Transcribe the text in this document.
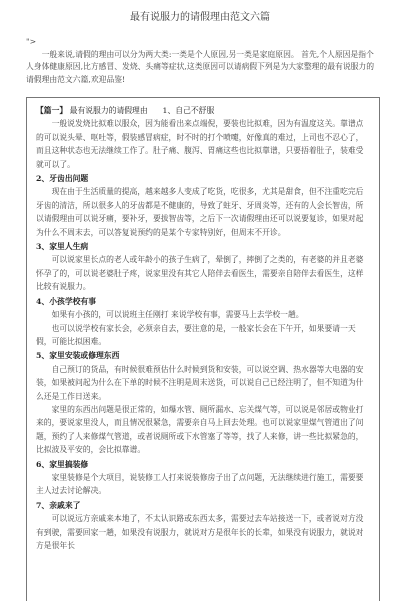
最有说服力的请假理由范文六篇

">

一般来说,请假的理由可以分为两大类:一类是个人原因,另一类是家庭原因。 首先,个人原因是指个人身体健康原因,比方感冒、发烧、头痛等症状,这类原因可以请病假下列是为大家整理的最有说服力的请假理由范文六篇,欢迎品鉴!

【篇一】 最有说服力的请假理由 1、自己不舒服

一般说发烧比拟难以服众，因为能看出来点端倪，要装也比拟难，因为有温度这关。靠谱点的可以说头晕、呕吐等，假装感冒病症，时不时的打个喷嚏，好像真的难过，上司也不忍心了，而且这种状态也无法继续工作了。肚子痛、腹泻、胃痛这些也比拟靠谱，只要捂着肚子，装难受就可以了。

2、牙齿出问题

现在由于生活质量的提高，越来越多人变成了吃货，吃很多，尤其是甜食，但不注重吃完后牙齿的清洁，所以很多人的牙齿都是不健康的，导致了蛀牙、牙周炎等，还有的人会长智齿，所以请假理由可以说牙痛，要补牙，要拔智齿等，之后下一次请假理由还可以说要复诊，如果对起为什么不周末去，可以答复说预约的是某个专家特别好，但周末不开诊。

3、家里人生病

可以说家里长点的老人或年龄小的孩子生病了，晕倒了，摔倒了之类的，有老婆的并且老婆怀孕了的，可以说老婆肚子疼，说家里没有其它人陪伴去看医生，需要亲自陪伴去看医生，这样比较有说服力。

4、小孩学校有事

如果有小孩的，可以说班主任刚打 来说学校有事，需要马上去学校一趟。

也可以说学校有家长会，必须亲自去，要注意的是，一般家长会在下午开，如果要请一天假，可能比拟困难。

5、家里安装或修理东西

自己预订的货品，有时候很难预估什么时候到货和安装，可以说空调、热水器等大电器的安装，如果被问起为什么在下单的时候不注明是周末送货，可以说自己已经注明了，但不知道为什么还是工作日送来。

家里的东西出问题是很正常的，如爆水管、厕所漏水、忘关煤气等，可以说是邻居或物业打来的，要说家里没人，而且情况很紧急，需要亲自马上回去处理。也可以说家里煤气管道出了问题，预约了人来修煤气管道，或者说厕所或下水管塞了等等，找了人来修，讲一些比拟紧急的，比拟波及平安的，会比拟靠谱。

6、家里搞装修

家里装修是个大项目，说装修工人打来说装修房子出了点问题，无法继续进行施工，需要要主人过去讨论解决。

7、亲戚来了

可以说远方亲戚来本地了，不太认识路或东西太多，需要过去车站接送一下，或者说对方没有到驶，需要回家一趟，如果没有说服力，就说对方是很年长的长辈，如果没有说服力，就说对方是很年长
